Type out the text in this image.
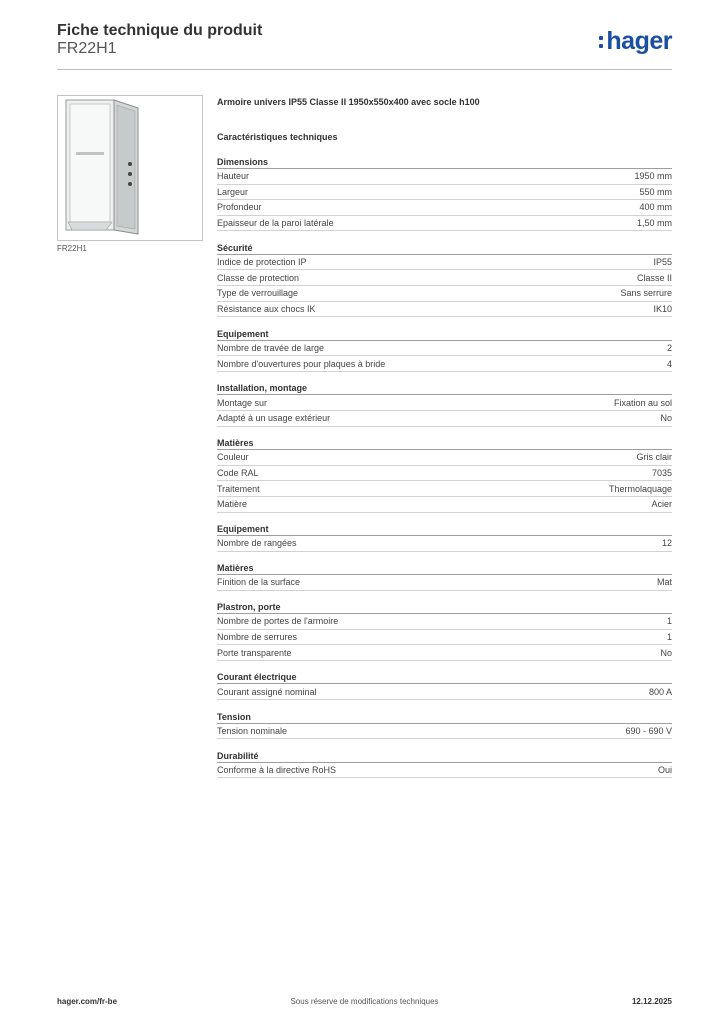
Fiche technique du produit
FR22H1	hager
FR22H1
Armoire univers IP55 Classe II 1950x550x400 avec socle h100
Caractéristiques techniques
Dimensions
Hauteur	1950 mm
Largeur	550 mm
Profondeur	400 mm
Epaisseur de la paroi latérale	1,50 mm
Sécurité
Indice de protection IP	IP55
Classe de protection	Classe II
Type de verrouillage	Sans serrure
Résistance aux chocs IK	IK10
Equipement
Nombre de travée de large	2
Nombre d'ouvertures pour plaques à bride	4
Installation, montage
Montage sur	Fixation au sol
Adapté à un usage extérieur	No
Matières
Couleur	Gris clair
Code RAL	7035
Traitement	Thermolaquage
Matière	Acier
Equipement
Nombre de rangées	12
Matières
Finition de la surface	Mat
Plastron, porte
Nombre de portes de l'armoire	1
Nombre de serrures	1
Porte transparente	No
Courant électrique
Courant assigné nominal	800 A
Tension
Tension nominale	690 - 690 V
Durabilité
Conforme à la directive RoHS	Oui
Sous réserve de modifications techniques
hager.com/fr-be	12.12.2025
